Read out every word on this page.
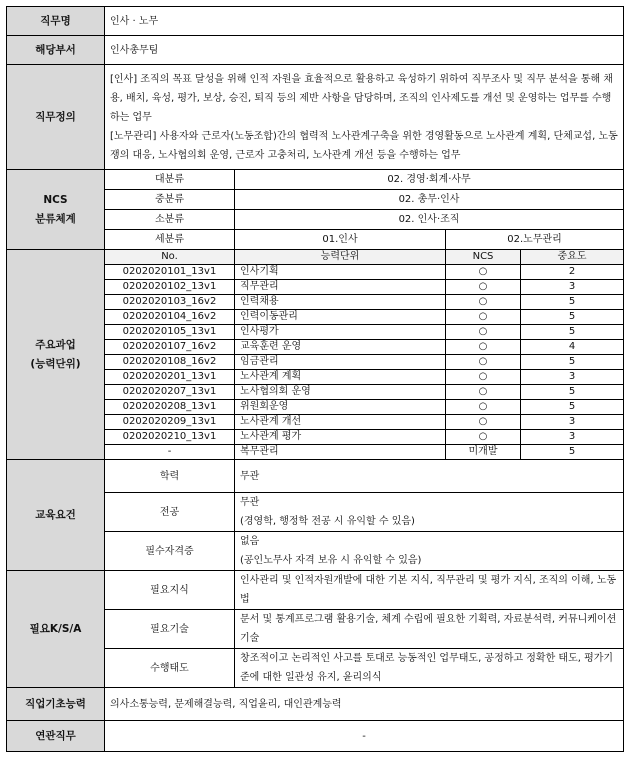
직무명	인사 · 노무			
해당부서	인사총무팀			
직무정의	[인사] 조직의 목표 달성을 위해 인적 자원을 효율적으로 활용하고 육성하기 위하여 직무조사 및 직무 분석을 통해 채용, 배치, 육성, 평가, 보상, 승진, 퇴직 등의 제반 사항을 담당하며, 조직의 인사제도를 개선 및 운영하는 업무를 수행하는 업무
[노무관리] 사용자와 근로자(노동조합)간의 협력적 노사관계구축을 위한 경영활동으로 노사관계 계획, 단체교섭, 노동쟁의 대응, 노사협의회 운영, 근로자 고충처리, 노사관계 개선 등을 수행하는 업무			

NCS
분류체계	대분류	02. 경영·회계·사무		
	중분류	02. 총무·인사		
	소분류	02. 인사·조직		
	세분류	01.인사	02.노무관리	

주요과업
(능력단위)	No.	능력단위	NCS	중요도
	0202020101_13v1	인사기획	○	2
	0202020102_13v1	직무관리	○	3
	0202020103_16v2	인력채용	○	5
	0202020104_16v2	인력이동관리	○	5
	0202020105_13v1	인사평가	○	5
	0202020107_16v2	교육훈련 운영	○	4
	0202020108_16v2	임금관리	○	5
	0202020201_13v1	노사관계 계획	○	3
	0202020207_13v1	노사협의회 운영	○	5
	0202020208_13v1	위원회운영	○	5
	0202020209_13v1	노사관계 개선	○	3
	0202020210_13v1	노사관계 평가	○	3
	-	복무관리	미개발	5
교육요건	학력	무관		
	전공	무관
(경영학, 행정학 전공 시 유익할 수 있음)		

	필수자격증	없음
(공인노무사 자격 보유 시 유익할 수 있음)		

필요K/S/A	필요지식	인사관리 및 인적자원개발에 대한 기본 지식, 직무관리 및 평가 지식, 조직의 이해, 노동법		
	필요기술	문서 및 통계프로그램 활용기술, 체계 수립에 필요한 기획력, 자료분석력, 커뮤니케이션 기술		
	수행태도	창조적이고 논리적인 사고를 토대로 능동적인 업무태도, 공정하고 정확한 태도, 평가기준에 대한 일관성 유지, 윤리의식		
직업기초능력	의사소통능력, 문제해결능력, 직업윤리, 대인관계능력			
연관직무	-			
